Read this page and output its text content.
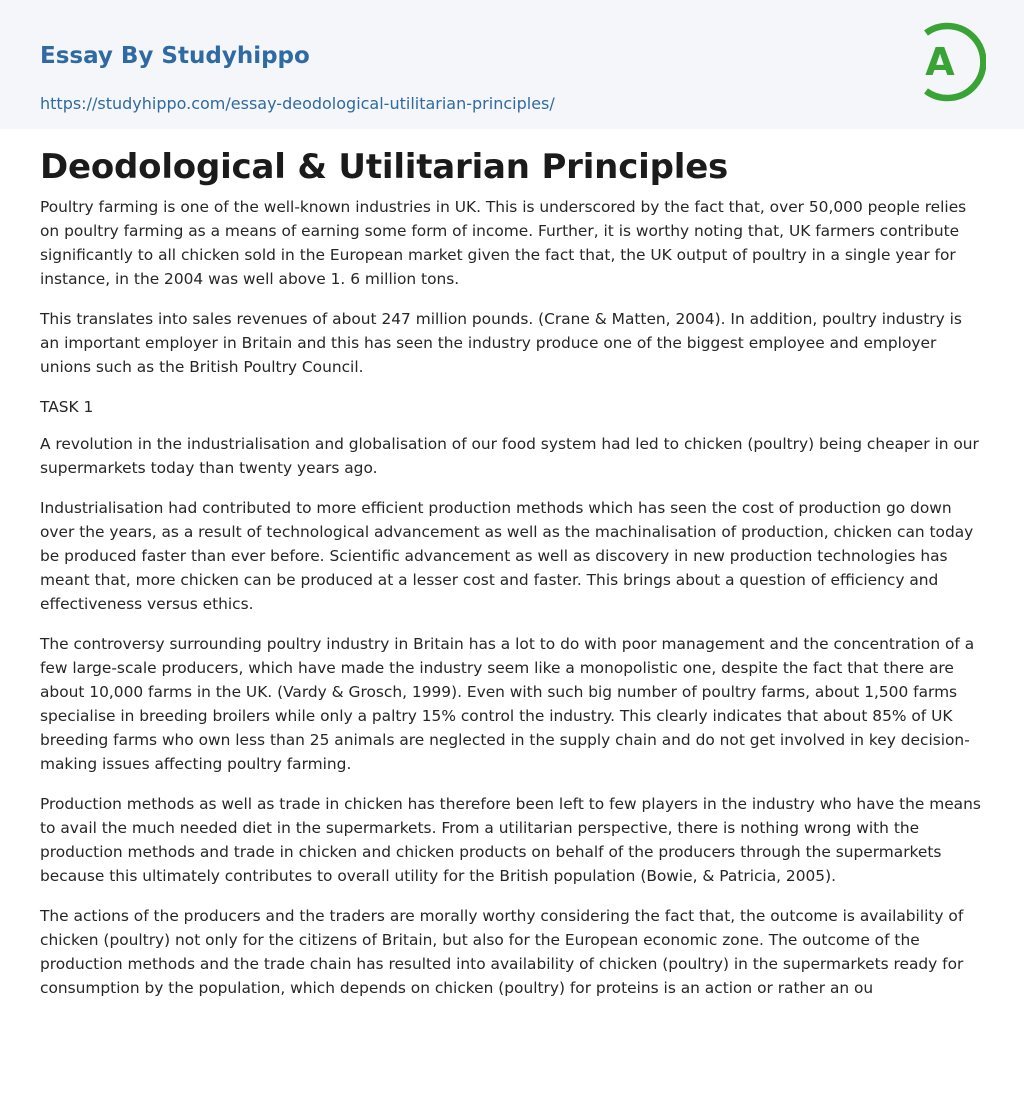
Essay By Studyhippo
https://studyhippo.com/essay-deodological-utilitarian-principles/
A
Deodological & Utilitarian Principles

Poultry farming is one of the well-known industries in UK. This is underscored by the fact that, over 50,000 people relies on poultry farming as a means of earning some form of income. Further, it is worthy noting that, UK farmers contribute significantly to all chicken sold in the European market given the fact that, the UK output of poultry in a single year for instance, in the 2004 was well above 1. 6 million tons.

This translates into sales revenues of about 247 million pounds. (Crane & Matten, 2004). In addition, poultry industry is an important employer in Britain and this has seen the industry produce one of the biggest employee and employer unions such as the British Poultry Council.

TASK 1

A revolution in the industrialisation and globalisation of our food system had led to chicken (poultry) being cheaper in our supermarkets today than twenty years ago.

Industrialisation had contributed to more efficient production methods which has seen the cost of production go down over the years, as a result of technological advancement as well as the machinalisation of production, chicken can today be produced faster than ever before. Scientific advancement as well as discovery in new production technologies has meant that, more chicken can be produced at a lesser cost and faster. This brings about a question of efficiency and effectiveness versus ethics.

The controversy surrounding poultry industry in Britain has a lot to do with poor management and the concentration of a few large-scale producers, which have made the industry seem like a monopolistic one, despite the fact that there are about 10,000 farms in the UK. (Vardy & Grosch, 1999). Even with such big number of poultry farms, about 1,500 farms specialise in breeding broilers while only a paltry 15% control the industry. This clearly indicates that about 85% of UK breeding farms who own less than 25 animals are neglected in the supply chain and do not get involved in key decision-making issues affecting poultry farming.

Production methods as well as trade in chicken has therefore been left to few players in the industry who have the means to avail the much needed diet in the supermarkets. From a utilitarian perspective, there is nothing wrong with the production methods and trade in chicken and chicken products on behalf of the producers through the supermarkets because this ultimately contributes to overall utility for the British population (Bowie, & Patricia, 2005).

The actions of the producers and the traders are morally worthy considering the fact that, the outcome is availability of chicken (poultry) not only for the citizens of Britain, but also for the European economic zone. The outcome of the production methods and the trade chain has resulted into availability of chicken (poultry) in the supermarkets ready for consumption by the population, which depends on chicken (poultry) for proteins is an action or rather an ou
